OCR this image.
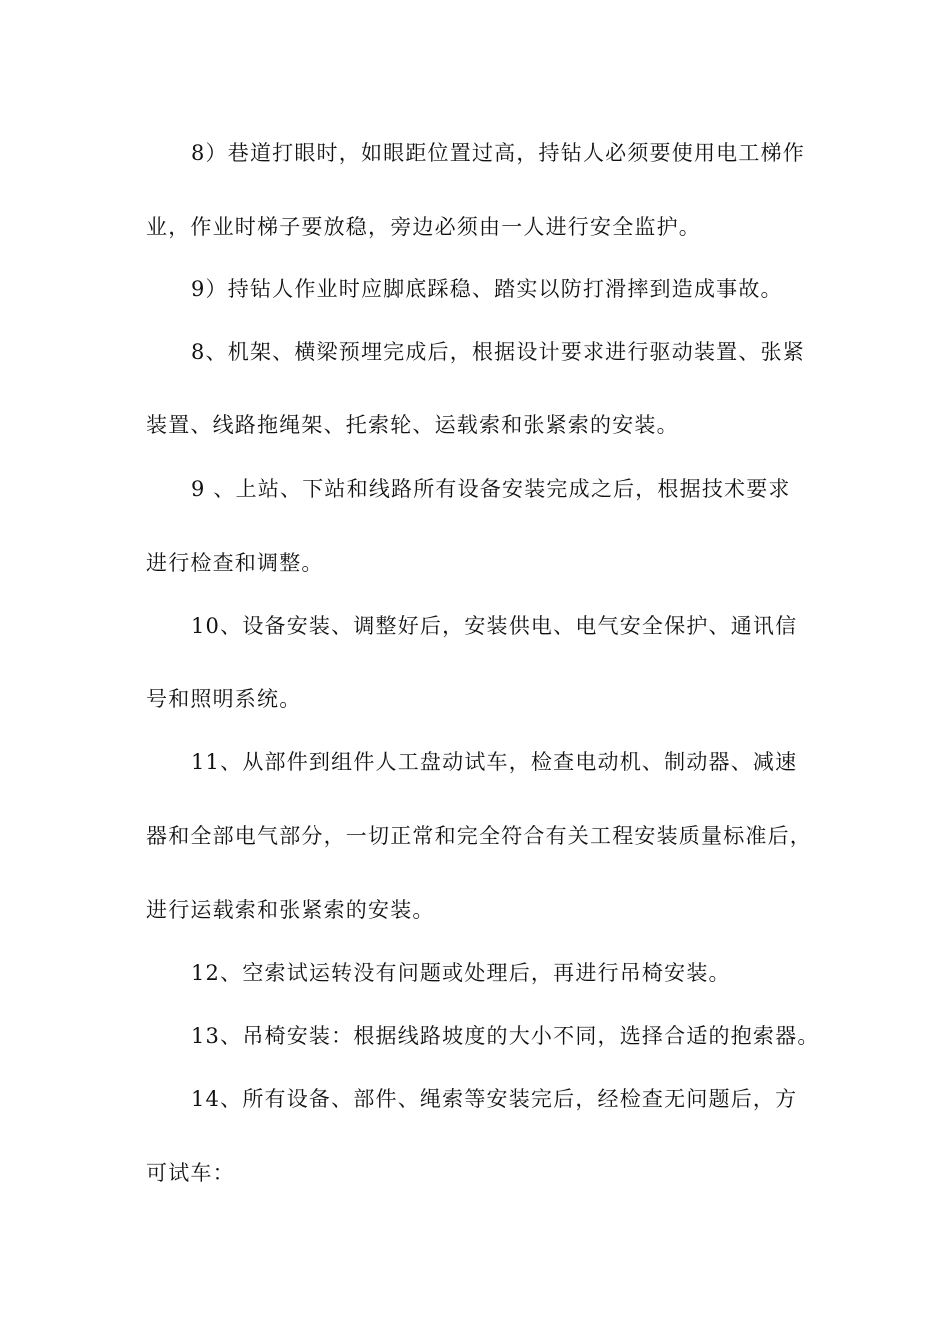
8）巷道打眼时，如眼距位置过高，持钻人必须要使用电工梯作
业，作业时梯子要放稳，旁边必须由一人进行安全监护。
9）持钻人作业时应脚底踩稳、踏实以防打滑摔到造成事故。
8、机架、横梁预埋完成后，根据设计要求进行驱动装置、张紧
装置、线路拖绳架、托索轮、运载索和张紧索的安装。
9 、上站、下站和线路所有设备安装完成之后，根据技术要求
进行检查和调整。
10、设备安装、调整好后，安装供电、电气安全保护、通讯信
号和照明系统。
11、从部件到组件人工盘动试车，检查电动机、制动器、减速
器和全部电气部分，一切正常和完全符合有关工程安装质量标准后，
进行运载索和张紧索的安装。
12、空索试运转没有问题或处理后，再进行吊椅安装。
13、吊椅安装：根据线路坡度的大小不同，选择合适的抱索器。
14、所有设备、部件、绳索等安装完后，经检查无问题后，方
可试车：
